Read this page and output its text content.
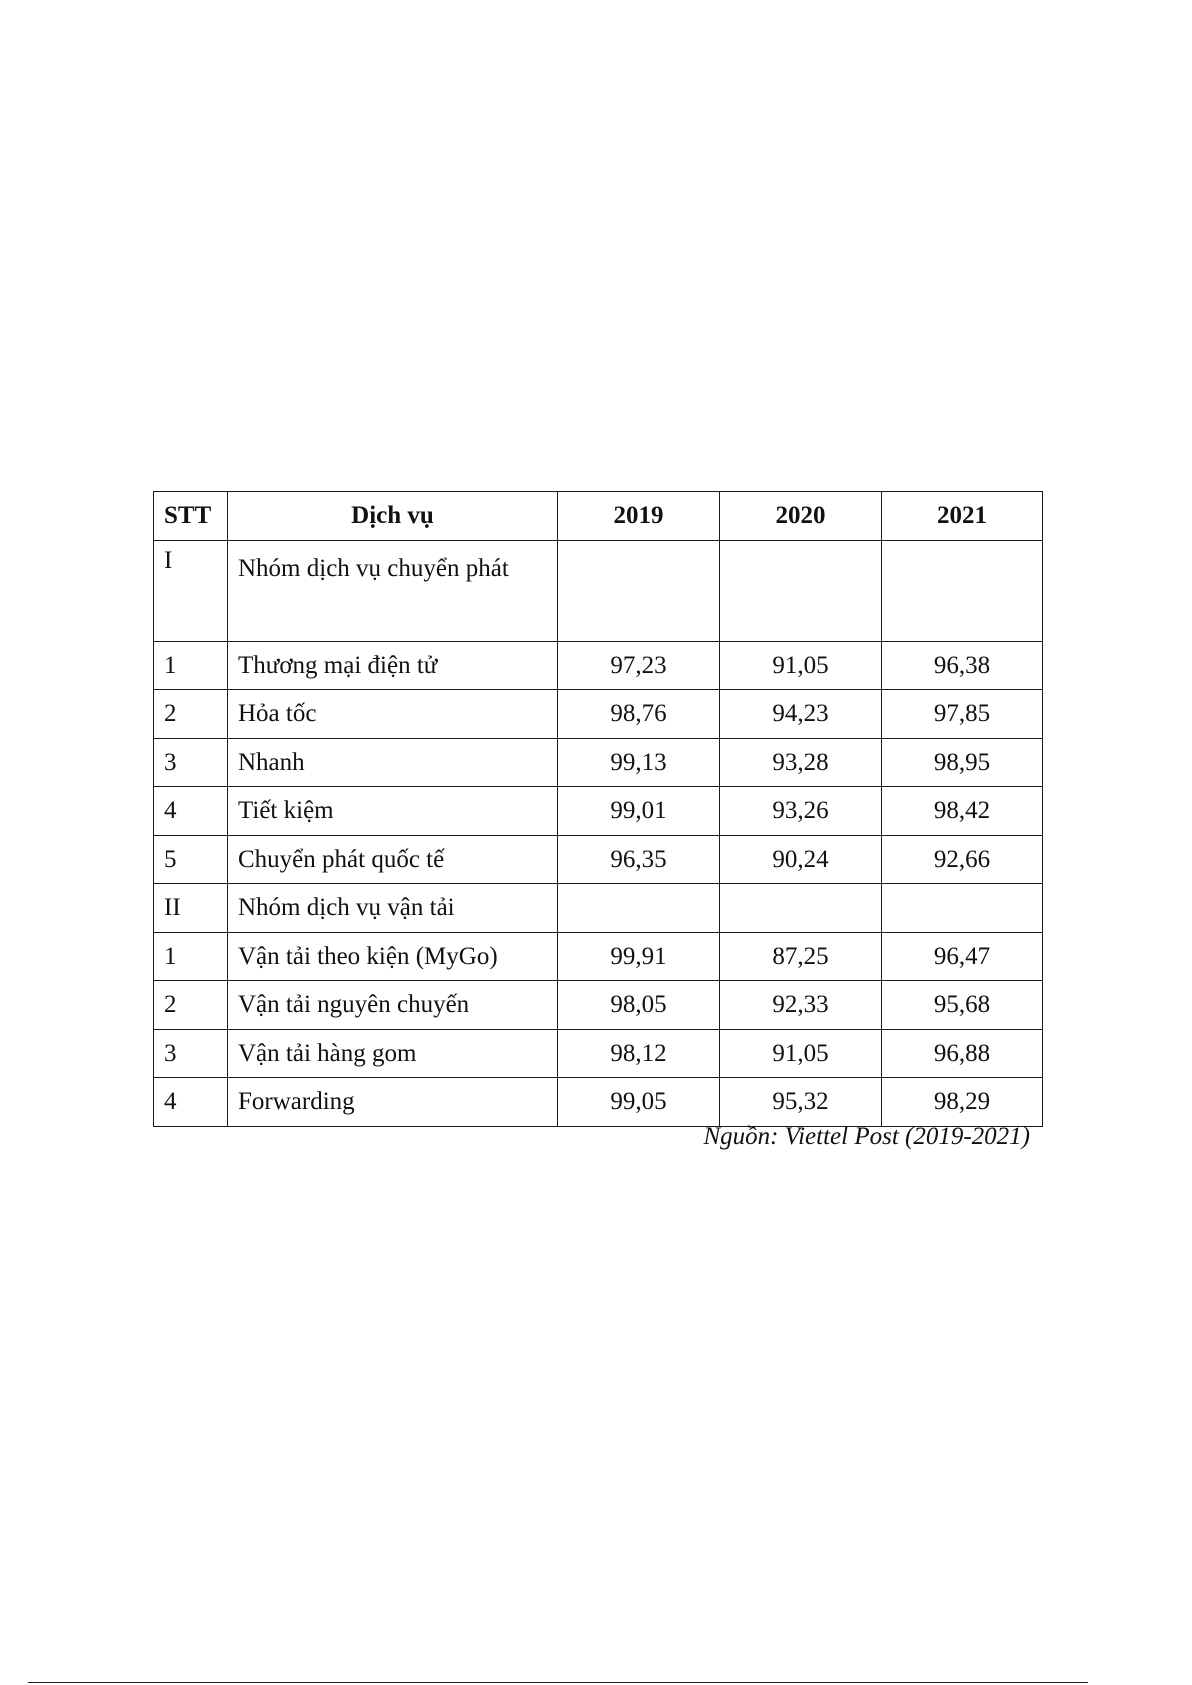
STT	Dịch vụ	2019	2020	2021
I	Nhóm dịch vụ chuyển phát			
1	Thương mại điện tử	97,23	91,05	96,38
2	Hỏa tốc	98,76	94,23	97,85
3	Nhanh	99,13	93,28	98,95
4	Tiết kiệm	99,01	93,26	98,42
5	Chuyển phát quốc tế	96,35	90,24	92,66
II	Nhóm dịch vụ vận tải			
1	Vận tải theo kiện (MyGo)	99,91	87,25	96,47
2	Vận tải nguyên chuyến	98,05	92,33	95,68
3	Vận tải hàng gom	98,12	91,05	96,88
4	Forwarding	99,05	95,32	98,29
Nguồn: Viettel Post (2019-2021)
